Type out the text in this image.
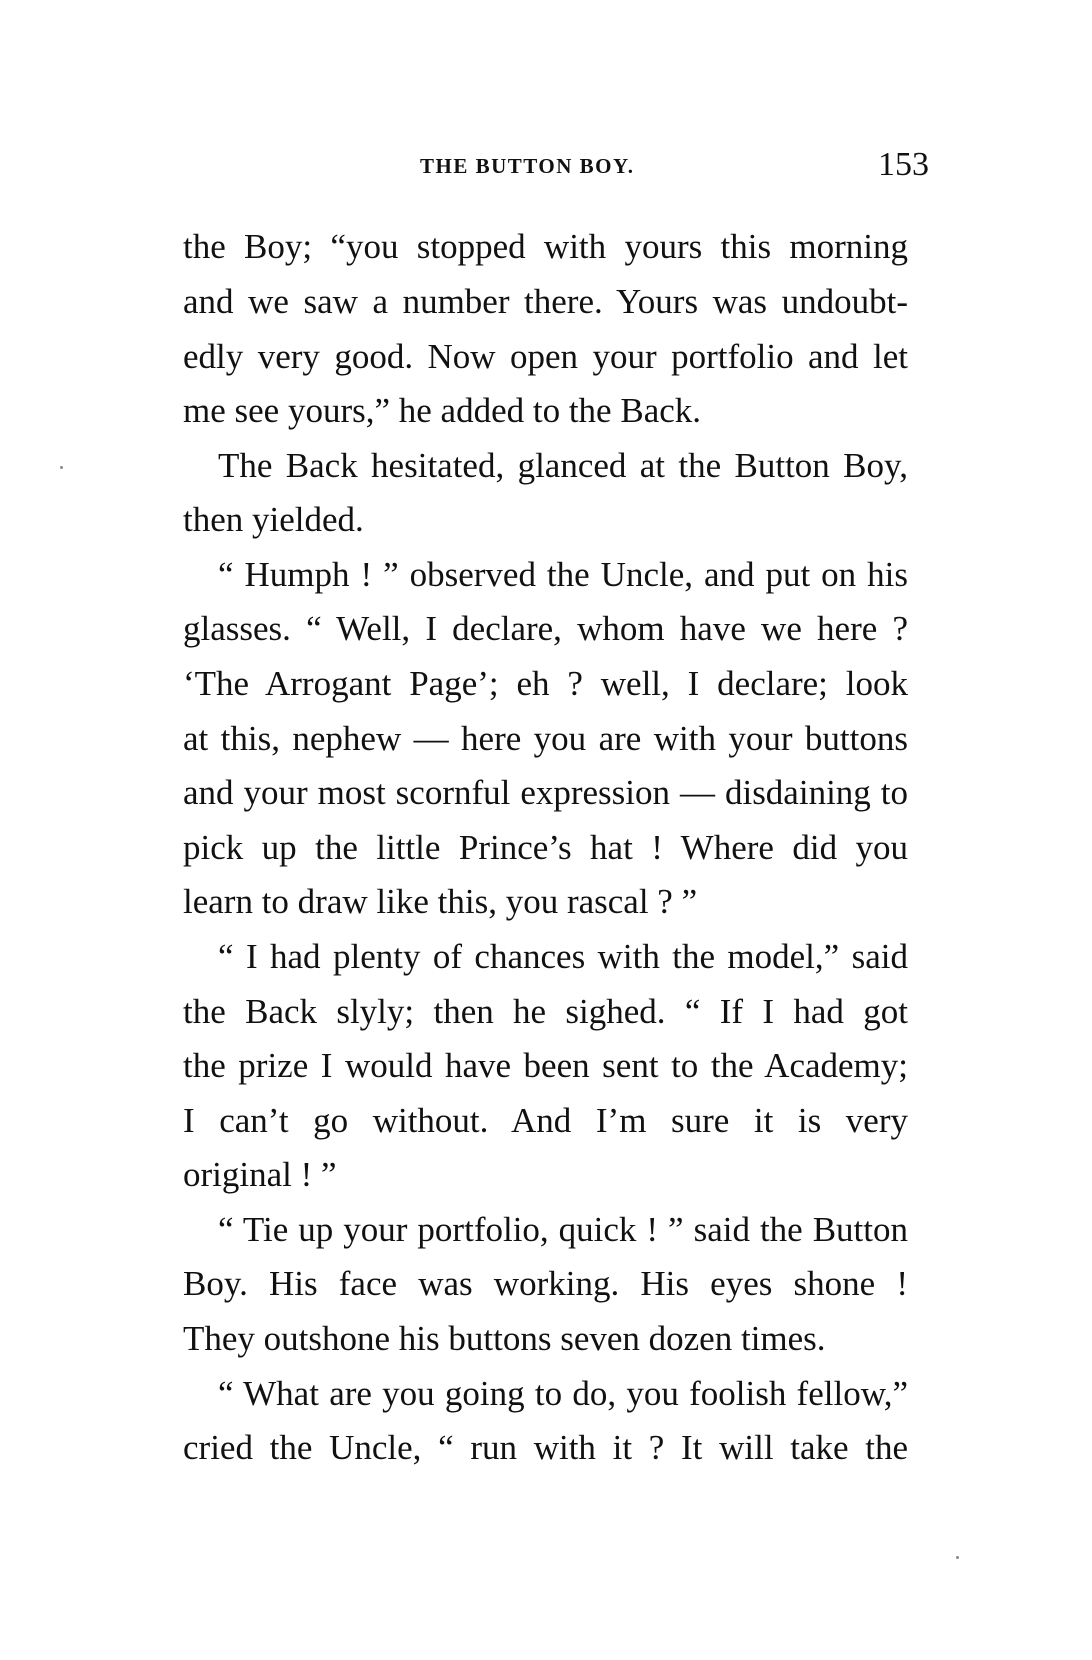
THE BUTTON BOY.	153
the Boy; “you stopped with yours this morning
and we saw a number there. Yours was undoubt-
edly very good. Now open your portfolio and let
me see yours,” he added to the Back.
The Back hesitated, glanced at the Button Boy,
then yielded.
“ Humph ! ” observed the Uncle, and put on his
glasses. “ Well, I declare, whom have we here ?
‘The Arrogant Page’; eh ? well, I declare; look
at this, nephew — here you are with your buttons
and your most scornful expression — disdaining to
pick up the little Prince’s hat ! Where did you
learn to draw like this, you rascal ? ”
“ I had plenty of chances with the model,” said
the Back slyly; then he sighed. “ If I had got
the prize I would have been sent to the Academy;
I can’t go without. And I’m sure it is very
original ! ”
“ Tie up your portfolio, quick ! ” said the Button
Boy. His face was working. His eyes shone !
They outshone his buttons seven dozen times.
“ What are you going to do, you foolish fellow,”
cried the Uncle, “ run with it ? It will take the
